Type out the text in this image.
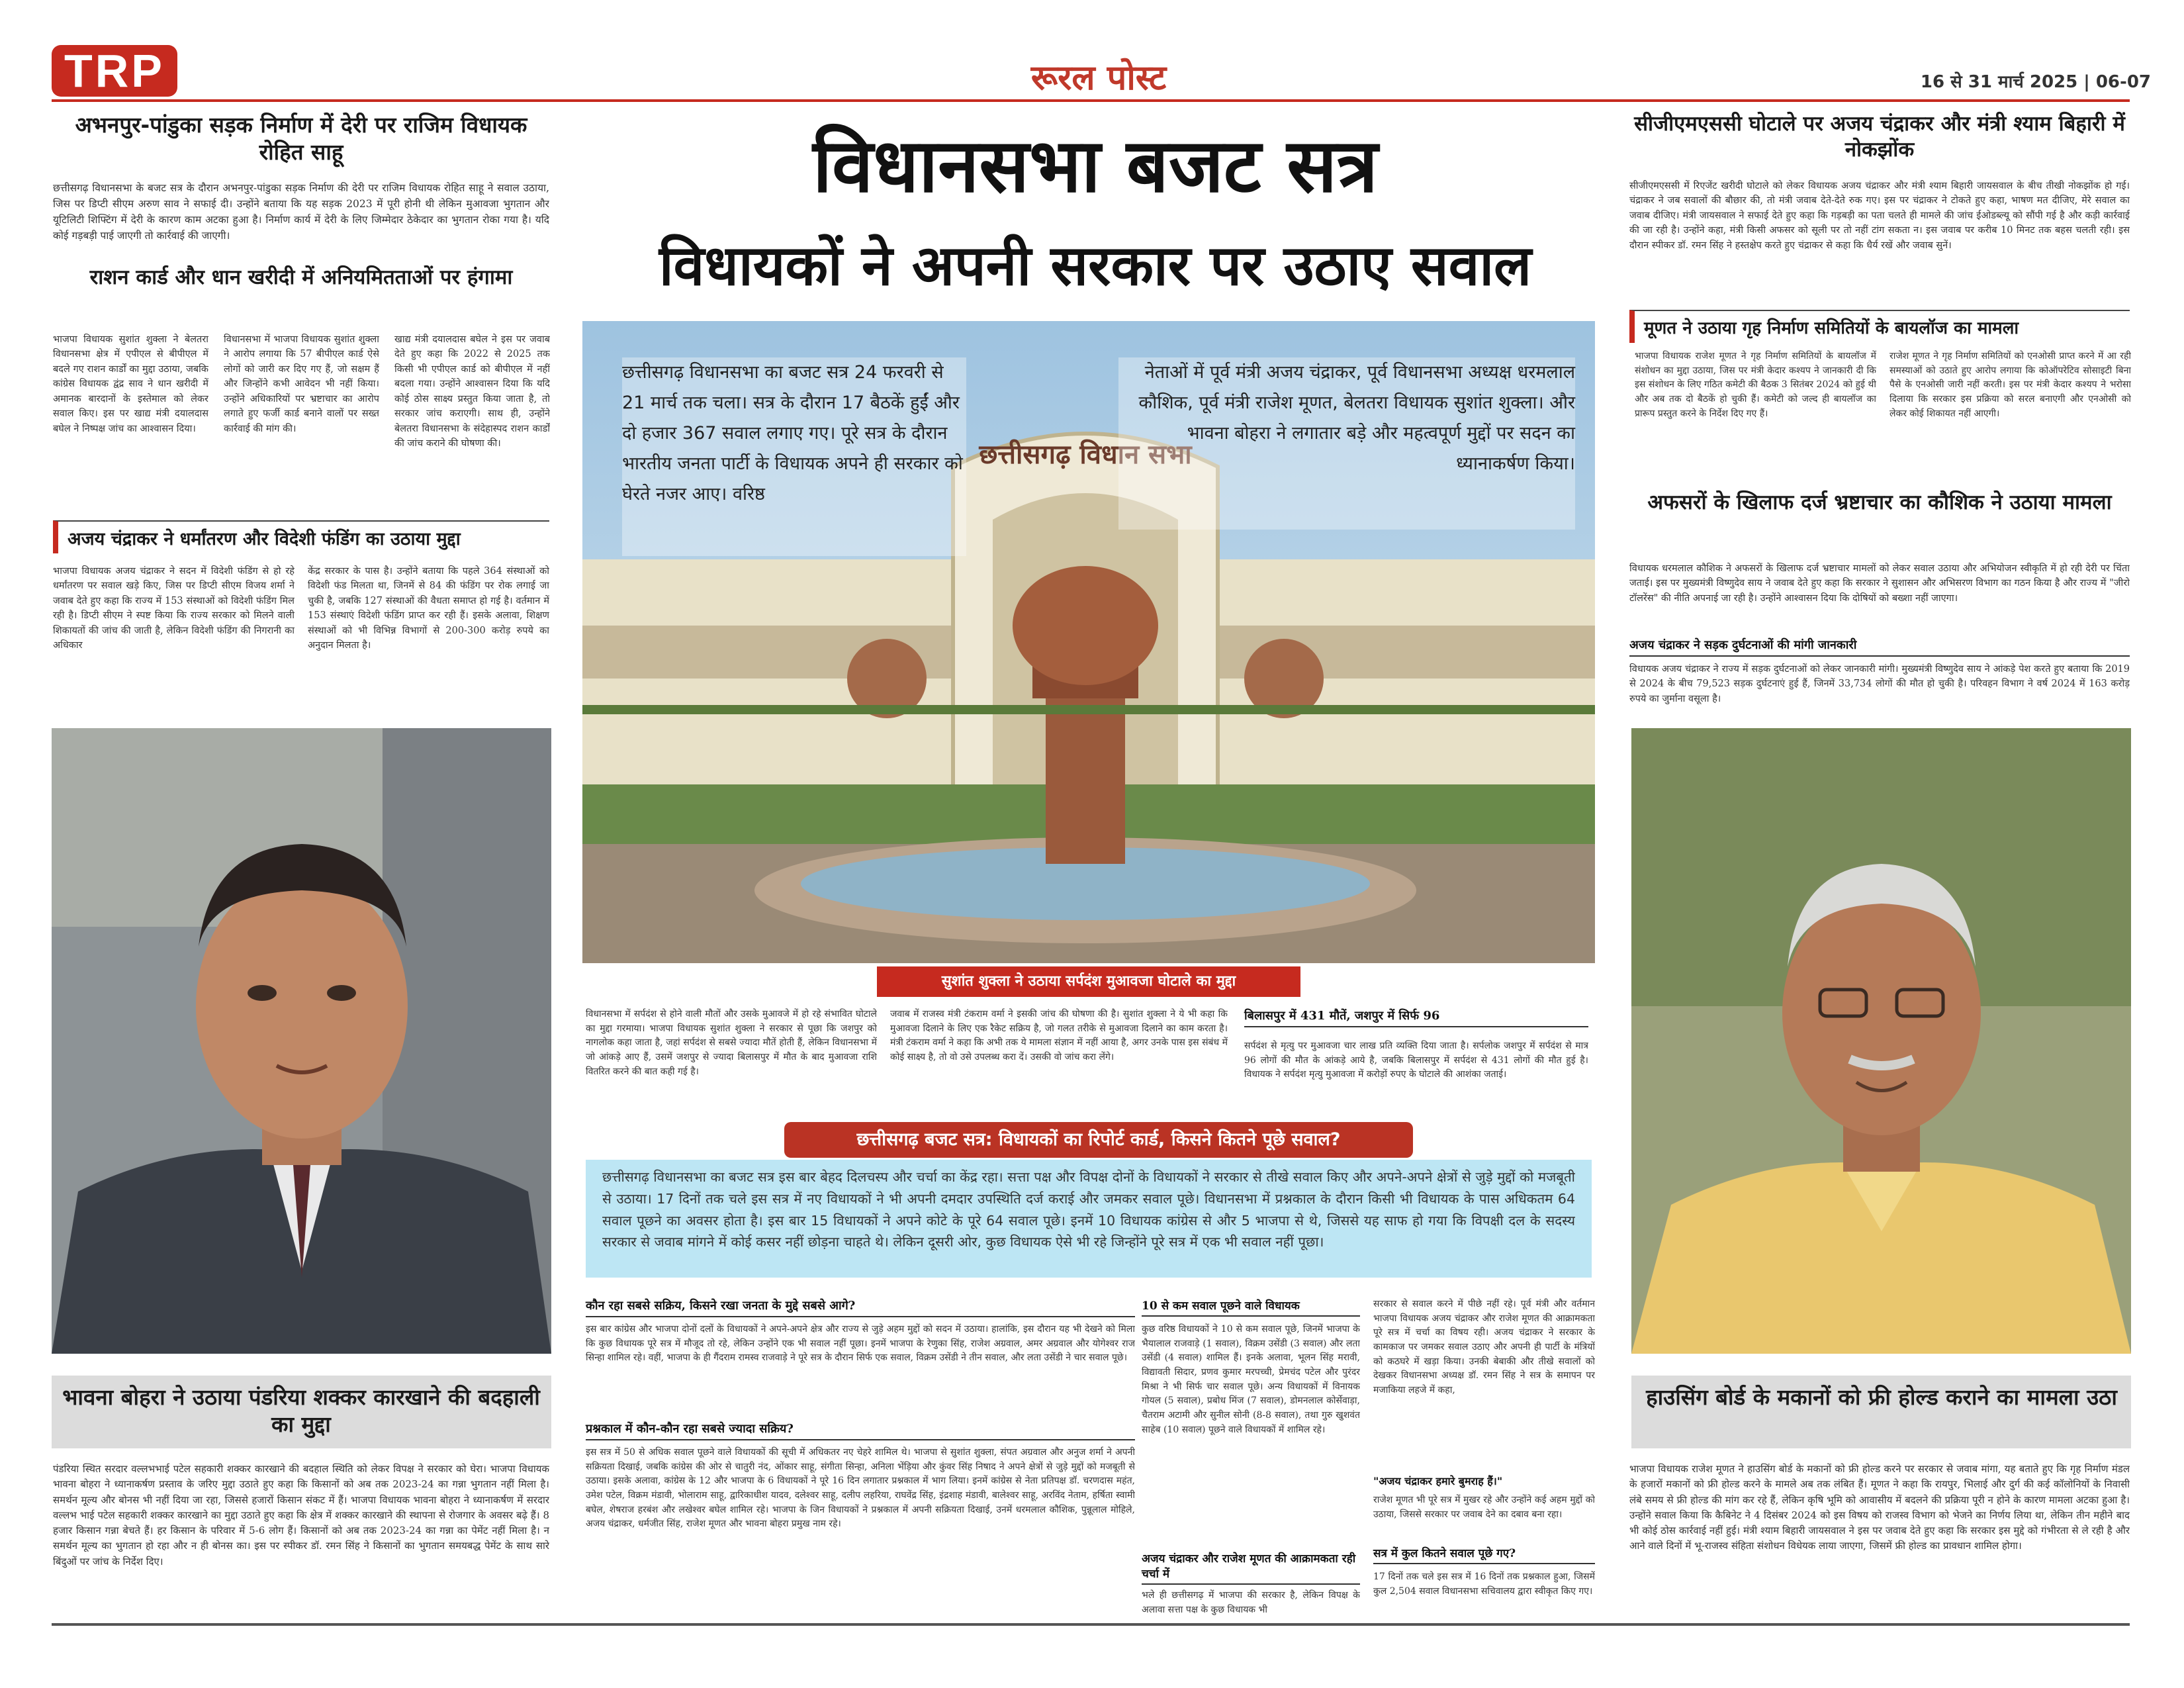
TRP	रूरल पोस्ट	16 से 31 मार्च 2025 | 06-07
अभनपुर-पांडुका सड़क निर्माण में देरी पर राजिम विधायक रोहित साहू
छत्तीसगढ़ विधानसभा के बजट सत्र के दौरान अभनपुर-पांडुका सड़क निर्माण की देरी पर राजिम विधायक रोहित साहू ने सवाल उठाया, जिस पर डिप्टी सीएम अरुण साव ने सफाई दी। उन्होंने बताया कि यह सड़क 2023 में पूरी होनी थी लेकिन मुआवजा भुगतान और यूटिलिटी शिफ्टिंग में देरी के कारण काम अटका हुआ है। निर्माण कार्य में देरी के लिए जिम्मेदार ठेकेदार का भुगतान रोका गया है। यदि कोई गड़बड़ी पाई जाएगी तो कार्रवाई की जाएगी।
राशन कार्ड और धान खरीदी में अनियमितताओं पर हंगामा
भाजपा विधायक सुशांत शुक्ला ने बेलतरा विधानसभा क्षेत्र में एपीएल से बीपीएल में बदले गए राशन कार्डों का मुद्दा उठाया, जबकि कांग्रेस विधायक द्वंद्र साव ने धान खरीदी में अमानक बारदानों के इस्तेमाल को लेकर सवाल किए। इस पर खाद्य मंत्री दयालदास बघेल ने निष्पक्ष जांच का आश्वासन दिया।
विधानसभा में भाजपा विधायक सुशांत शुक्ला ने आरोप लगाया कि 57 बीपीएल कार्ड ऐसे लोगों को जारी कर दिए गए हैं, जो सक्षम हैं और जिन्होंने कभी आवेदन भी नहीं किया। उन्होंने अधिकारियों पर भ्रष्टाचार का आरोप लगाते हुए फर्जी कार्ड बनाने वालों पर सख्त कार्रवाई की मांग की।
खाद्य मंत्री दयालदास बघेल ने इस पर जवाब देते हुए कहा कि 2022 से 2025 तक किसी भी एपीएल कार्ड को बीपीएल में नहीं बदला गया। उन्होंने आश्वासन दिया कि यदि कोई ठोस साक्ष्य प्रस्तुत किया जाता है, तो सरकार जांच कराएगी। साथ ही, उन्होंने बेलतरा विधानसभा के संदेहास्पद राशन कार्डों की जांच कराने की घोषणा की।
अजय चंद्राकर ने धर्मांतरण और विदेशी फंडिंग का उठाया मुद्दा
भाजपा विधायक अजय चंद्राकर ने सदन में विदेशी फंडिंग से हो रहे धर्मांतरण पर सवाल खड़े किए, जिस पर डिप्टी सीएम विजय शर्मा ने जवाब देते हुए कहा कि राज्य में 153 संस्थाओं को विदेशी फंडिंग मिल रही है। डिप्टी सीएम ने स्पष्ट किया कि राज्य सरकार को मिलने वाली शिकायतों की जांच की जाती है, लेकिन विदेशी फंडिंग की निगरानी का अधिकार
केंद्र सरकार के पास है। उन्होंने बताया कि पहले 364 संस्थाओं को विदेशी फंड मिलता था, जिनमें से 84 की फंडिंग पर रोक लगाई जा चुकी है, जबकि 127 संस्थाओं की वैधता समाप्त हो गई है। वर्तमान में 153 संस्थाएं विदेशी फंडिंग प्राप्त कर रही हैं। इसके अलावा, शिक्षण संस्थाओं को भी विभिन्न विभागों से 200-300 करोड़ रुपये का अनुदान मिलता है।
भावना बोहरा ने उठाया पंडरिया शक्कर कारखाने की बदहाली का मुद्दा
पंडरिया स्थित सरदार वल्लभभाई पटेल सहकारी शक्कर कारखाने की बदहाल स्थिति को लेकर विपक्ष ने सरकार को घेरा। भाजपा विधायक भावना बोहरा ने ध्यानाकर्षण प्रस्ताव के जरिए मुद्दा उठाते हुए कहा कि किसानों को अब तक 2023-24 का गन्ना भुगतान नहीं मिला है। समर्थन मूल्य और बोनस भी नहीं दिया जा रहा, जिससे हजारों किसान संकट में हैं। भाजपा विधायक भावना बोहरा ने ध्यानाकर्षण में सरदार वल्लभ भाई पटेल सहकारी शक्कर कारखाने का मुद्दा उठाते हुए कहा कि क्षेत्र में शक्कर कारखाने की स्थापना से रोजगार के अवसर बढ़े हैं। 8 हजार किसान गन्ना बेचते हैं। हर किसान के परिवार में 5-6 लोग हैं। किसानों को अब तक 2023-24 का गन्ना का पेमेंट नहीं मिला है। न समर्थन मूल्य का भुगतान हो रहा और न ही बोनस का। इस पर स्पीकर डॉ. रमन सिंह ने किसानों का भुगतान समयबद्ध पेमेंट के साथ सारे बिंदुओं पर जांच के निर्देश दिए।
विधानसभा बजट सत्र
विधायकों ने अपनी सरकार पर उठाए सवाल
छत्तीसगढ़ विधान सभा
छत्तीसगढ़ विधानसभा का बजट सत्र 24 फरवरी से 21 मार्च तक चला। सत्र के दौरान 17 बैठकें हुईं और दो हजार 367 सवाल लगाए गए। पूरे सत्र के दौरान भारतीय जनता पार्टी के विधायक अपने ही सरकार को घेरते नजर आए। वरिष्ठ
नेताओं में पूर्व मंत्री अजय चंद्राकर, पूर्व विधानसभा अध्यक्ष धरमलाल कौशिक, पूर्व मंत्री राजेश मूणत, बेलतरा विधायक सुशांत शुक्ला। और भावना बोहरा ने लगातार बड़े और महत्वपूर्ण मुद्दों पर सदन का ध्यानाकर्षण किया।
सुशांत शुक्ला ने उठाया सर्पदंश मुआवजा घोटाले का मुद्दा
विधानसभा में सर्पदंश से होने वाली मौतों और उसके मुआवजे में हो रहे संभावित घोटाले का मुद्दा गरमाया। भाजपा विधायक सुशांत शुक्ला ने सरकार से पूछा कि जशपुर को नागलोक कहा जाता है, जहां सर्पदंश से सबसे ज्यादा मौतें होती हैं, लेकिन विधानसभा में जो आंकड़े आए हैं, उसमें जशपुर से ज्यादा बिलासपुर में मौत के बाद मुआवजा राशि वितरित करने की बात कही गई है।
जवाब में राजस्व मंत्री टंकराम वर्मा ने इसकी जांच की घोषणा की है। सुशांत शुक्ला ने ये भी कहा कि मुआवजा दिलाने के लिए एक रैकेट सक्रिय है, जो गलत तरीके से मुआवजा दिलाने का काम करता है। मंत्री टंकराम वर्मा ने कहा कि अभी तक ये मामला संज्ञान में नहीं आया है, अगर उनके पास इस संबंध में कोई साक्ष्य है, तो वो उसे उपलब्ध करा दें। उसकी वो जांच करा लेंगे।
बिलासपुर में 431 मौतें, जशपुर में सिर्फ 96
सर्पदंश से मृत्यु पर मुआवजा चार लाख प्रति व्यक्ति दिया जाता है। सर्पलोक जशपुर में सर्पदंश से मात्र 96 लोगों की मौत के आंकड़े आये है, जबकि बिलासपुर में सर्पदंश से 431 लोगों की मौत हुई है। विधायक ने सर्पदंश मृत्यु मुआवजा में करोड़ों रुपए के घोटाले की आशंका जताई।
छत्तीसगढ़ बजट सत्र: विधायकों का रिपोर्ट कार्ड, किसने कितने पूछे सवाल?
छत्तीसगढ़ विधानसभा का बजट सत्र इस बार बेहद दिलचस्प और चर्चा का केंद्र रहा। सत्ता पक्ष और विपक्ष दोनों के विधायकों ने सरकार से तीखे सवाल किए और अपने-अपने क्षेत्रों से जुड़े मुद्दों को मजबूती से उठाया। 17 दिनों तक चले इस सत्र में नए विधायकों ने भी अपनी दमदार उपस्थिति दर्ज कराई और जमकर सवाल पूछे। विधानसभा में प्रश्नकाल के दौरान किसी भी विधायक के पास अधिकतम 64 सवाल पूछने का अवसर होता है। इस बार 15 विधायकों ने अपने कोटे के पूरे 64 सवाल पूछे। इनमें 10 विधायक कांग्रेस से और 5 भाजपा से थे, जिससे यह साफ हो गया कि विपक्षी दल के सदस्य सरकार से जवाब मांगने में कोई कसर नहीं छोड़ना चाहते थे। लेकिन दूसरी ओर, कुछ विधायक ऐसे भी रहे जिन्होंने पूरे सत्र में एक भी सवाल नहीं पूछा।
कौन रहा सबसे सक्रिय, किसने रखा जनता के मुद्दे सबसे आगे?
इस बार कांग्रेस और भाजपा दोनों दलों के विधायकों ने अपने-अपने क्षेत्र और राज्य से जुड़े अहम मुद्दों को सदन में उठाया। हालांकि, इस दौरान यह भी देखने को मिला कि कुछ विधायक पूरे सत्र में मौजूद तो रहे, लेकिन उन्होंने एक भी सवाल नहीं पूछा। इनमें भाजपा के रेणुका सिंह, राजेश अग्रवाल, अमर अग्रवाल और योगेश्वर राज सिन्हा शामिल रहे। वहीं, भाजपा के ही गैंदराम रामस्व राजवाड़े ने पूरे सत्र के दौरान सिर्फ एक सवाल, विक्रम उसेंडी ने तीन सवाल, और लता उसेंडी ने चार सवाल पूछे।
प्रश्नकाल में कौन-कौन रहा सबसे ज्यादा सक्रिय?
इस सत्र में 50 से अधिक सवाल पूछने वाले विधायकों की सूची में अधिकतर नए चेहरे शामिल थे। भाजपा से सुशांत शुक्ला, संपत अग्रवाल और अनुज शर्मा ने अपनी सक्रियता दिखाई, जबकि कांग्रेस की ओर से चातुरी नंद, ओंकार साहू, संगीता सिन्हा, अनिला भेंड़िया और कुंवर सिंह निषाद ने अपने क्षेत्रों से जुड़े मुद्दों को मजबूती से उठाया। इसके अलावा, कांग्रेस के 12 और भाजपा के 6 विधायकों ने पूरे 16 दिन लगातार प्रश्नकाल में भाग लिया। इनमें कांग्रेस से नेता प्रतिपक्ष डॉ. चरणदास महंत, उमेश पटेल, विक्रम मंडावी, भोलाराम साहू, द्वारिकाधीश यादव, दलेश्वर साहू, दलीप लहरिया, राघवेंद्र सिंह, इंद्रशाह मंडावी, बालेश्वर साहू, अरविंद नेताम, हर्षिता स्वामी बघेल, शेषराज हरबंश और लखेश्वर बघेल शामिल रहे। भाजपा के जिन विधायकों ने प्रश्नकाल में अपनी सक्रियता दिखाई, उनमें धरमलाल कौशिक, पुन्नूलाल मोहिले, अजय चंद्राकर, धर्मजीत सिंह, राजेश मूणत और भावना बोहरा प्रमुख नाम रहे।
10 से कम सवाल पूछने वाले विधायक
कुछ वरिष्ठ विधायकों ने 10 से कम सवाल पूछे, जिनमें भाजपा के भैयालाल राजवाड़े (1 सवाल), विक्रम उसेंडी (3 सवाल) और लता उसेंडी (4 सवाल) शामिल हैं। इनके अलावा, भूलन सिंह मरावी, विद्यावती सिदार, प्रणव कुमार मरपच्ची, प्रेमचंद पटेल और पुरंदर मिश्रा ने भी सिर्फ चार सवाल पूछे। अन्य विधायकों में विनायक गोयल (5 सवाल), प्रबोध मिंज (7 सवाल), डोमनलाल कोर्सेवाड़ा, चैतराम अटामी और सुनील सोनी (8-8 सवाल), तथा गुरु खुशवंत साहेब (10 सवाल) पूछने वाले विधायकों में शामिल रहे।
अजय चंद्राकर और राजेश मूणत की आक्रामकता रही चर्चा में
भले ही छत्तीसगढ़ में भाजपा की सरकार है, लेकिन विपक्ष के अलावा सत्ता पक्ष के कुछ विधायक भी
सरकार से सवाल करने में पीछे नहीं रहे। पूर्व मंत्री और वर्तमान भाजपा विधायक अजय चंद्राकर और राजेश मूणत की आक्रामकता पूरे सत्र में चर्चा का विषय रही। अजय चंद्राकर ने सरकार के कामकाज पर जमकर सवाल उठाए और अपनी ही पार्टी के मंत्रियों को कठघरे में खड़ा किया। उनकी बेबाकी और तीखे सवालों को देखकर विधानसभा अध्यक्ष डॉ. रमन सिंह ने सत्र के समापन पर मजाकिया लहजे में कहा,
"अजय चंद्राकर हमारे बुमराह हैं।"
राजेश मूणत भी पूरे सत्र में मुखर रहे और उन्होंने कई अहम मुद्दों को उठाया, जिससे सरकार पर जवाब देने का दबाव बना रहा।
सत्र में कुल कितने सवाल पूछे गए?
17 दिनों तक चले इस सत्र में 16 दिनों तक प्रश्नकाल हुआ, जिसमें कुल 2,504 सवाल विधानसभा सचिवालय द्वारा स्वीकृत किए गए।
सीजीएमएससी घोटाले पर अजय चंद्राकर और मंत्री श्याम बिहारी में नोकझोंक
सीजीएमएससी में रिएजेंट खरीदी घोटाले को लेकर विधायक अजय चंद्राकर और मंत्री श्याम बिहारी जायसवाल के बीच तीखी नोकझोंक हो गई। चंद्राकर ने जब सवालों की बौछार की, तो मंत्री जवाब देते-देते रुक गए। इस पर चंद्राकर ने टोकते हुए कहा, भाषण मत दीजिए, मेरे सवाल का जवाब दीजिए। मंत्री जायसवाल ने सफाई देते हुए कहा कि गड़बड़ी का पता चलते ही मामले की जांच ईओडब्ल्यू को सौंपी गई है और कड़ी कार्रवाई की जा रही है। उन्होंने कहा, मंत्री किसी अफसर को सूली पर तो नहीं टांग सकता न। इस जवाब पर करीब 10 मिनट तक बहस चलती रही। इस दौरान स्पीकर डॉ. रमन सिंह ने हस्तक्षेप करते हुए चंद्राकर से कहा कि धैर्य रखें और जवाब सुनें।
मूणत ने उठाया गृह निर्माण समितियों के बायलॉज का मामला
भाजपा विधायक राजेश मूणत ने गृह निर्माण समितियों के बायलॉज में संशोधन का मुद्दा उठाया, जिस पर मंत्री केदार कश्यप ने जानकारी दी कि इस संशोधन के लिए गठित कमेटी की बैठक 3 सितंबर 2024 को हुई थी और अब तक दो बैठकें हो चुकी हैं। कमेटी को जल्द ही बायलॉज का प्रारूप प्रस्तुत करने के निर्देश दिए गए हैं।
राजेश मूणत ने गृह निर्माण समितियों को एनओसी प्राप्त करने में आ रही समस्याओं को उठाते हुए आरोप लगाया कि कोऑपरेटिव सोसाइटी बिना पैसे के एनओसी जारी नहीं करती। इस पर मंत्री केदार कश्यप ने भरोसा दिलाया कि सरकार इस प्रक्रिया को सरल बनाएगी और एनओसी को लेकर कोई शिकायत नहीं आएगी।
अफसरों के खिलाफ दर्ज भ्रष्टाचार का कौशिक ने उठाया मामला
विधायक धरमलाल कौशिक ने अफसरों के खिलाफ दर्ज भ्रष्टाचार मामलों को लेकर सवाल उठाया और अभियोजन स्वीकृति में हो रही देरी पर चिंता जताई। इस पर मुख्यमंत्री विष्णुदेव साय ने जवाब देते हुए कहा कि सरकार ने सुशासन और अभिसरण विभाग का गठन किया है और राज्य में "जीरो टॉलरेंस" की नीति अपनाई जा रही है। उन्होंने आश्वासन दिया कि दोषियों को बख्शा नहीं जाएगा।
अजय चंद्राकर ने सड़क दुर्घटनाओं की मांगी जानकारी
विधायक अजय चंद्राकर ने राज्य में सड़क दुर्घटनाओं को लेकर जानकारी मांगी। मुख्यमंत्री विष्णुदेव साय ने आंकड़े पेश करते हुए बताया कि 2019 से 2024 के बीच 79,523 सड़क दुर्घटनाएं हुई हैं, जिनमें 33,734 लोगों की मौत हो चुकी है। परिवहन विभाग ने वर्ष 2024 में 163 करोड़ रुपये का जुर्माना वसूला है।
हाउसिंग बोर्ड के मकानों को फ्री होल्ड कराने का मामला उठा
भाजपा विधायक राजेश मूणत ने हाउसिंग बोर्ड के मकानों को फ्री होल्ड करने पर सरकार से जवाब मांगा, यह बताते हुए कि गृह निर्माण मंडल के हजारों मकानों को फ्री होल्ड करने के मामले अब तक लंबित हैं। मूणत ने कहा कि रायपुर, भिलाई और दुर्ग की कई कॉलोनियों के निवासी लंबे समय से फ्री होल्ड की मांग कर रहे हैं, लेकिन कृषि भूमि को आवासीय में बदलने की प्रक्रिया पूरी न होने के कारण मामला अटका हुआ है। उन्होंने सवाल किया कि कैबिनेट ने 4 दिसंबर 2024 को इस विषय को राजस्व विभाग को भेजने का निर्णय लिया था, लेकिन तीन महीने बाद भी कोई ठोस कार्रवाई नहीं हुई। मंत्री श्याम बिहारी जायसवाल ने इस पर जवाब देते हुए कहा कि सरकार इस मुद्दे को गंभीरता से ले रही है और आने वाले दिनों में भू-राजस्व संहिता संशोधन विधेयक लाया जाएगा, जिसमें फ्री होल्ड का प्रावधान शामिल होगा।
